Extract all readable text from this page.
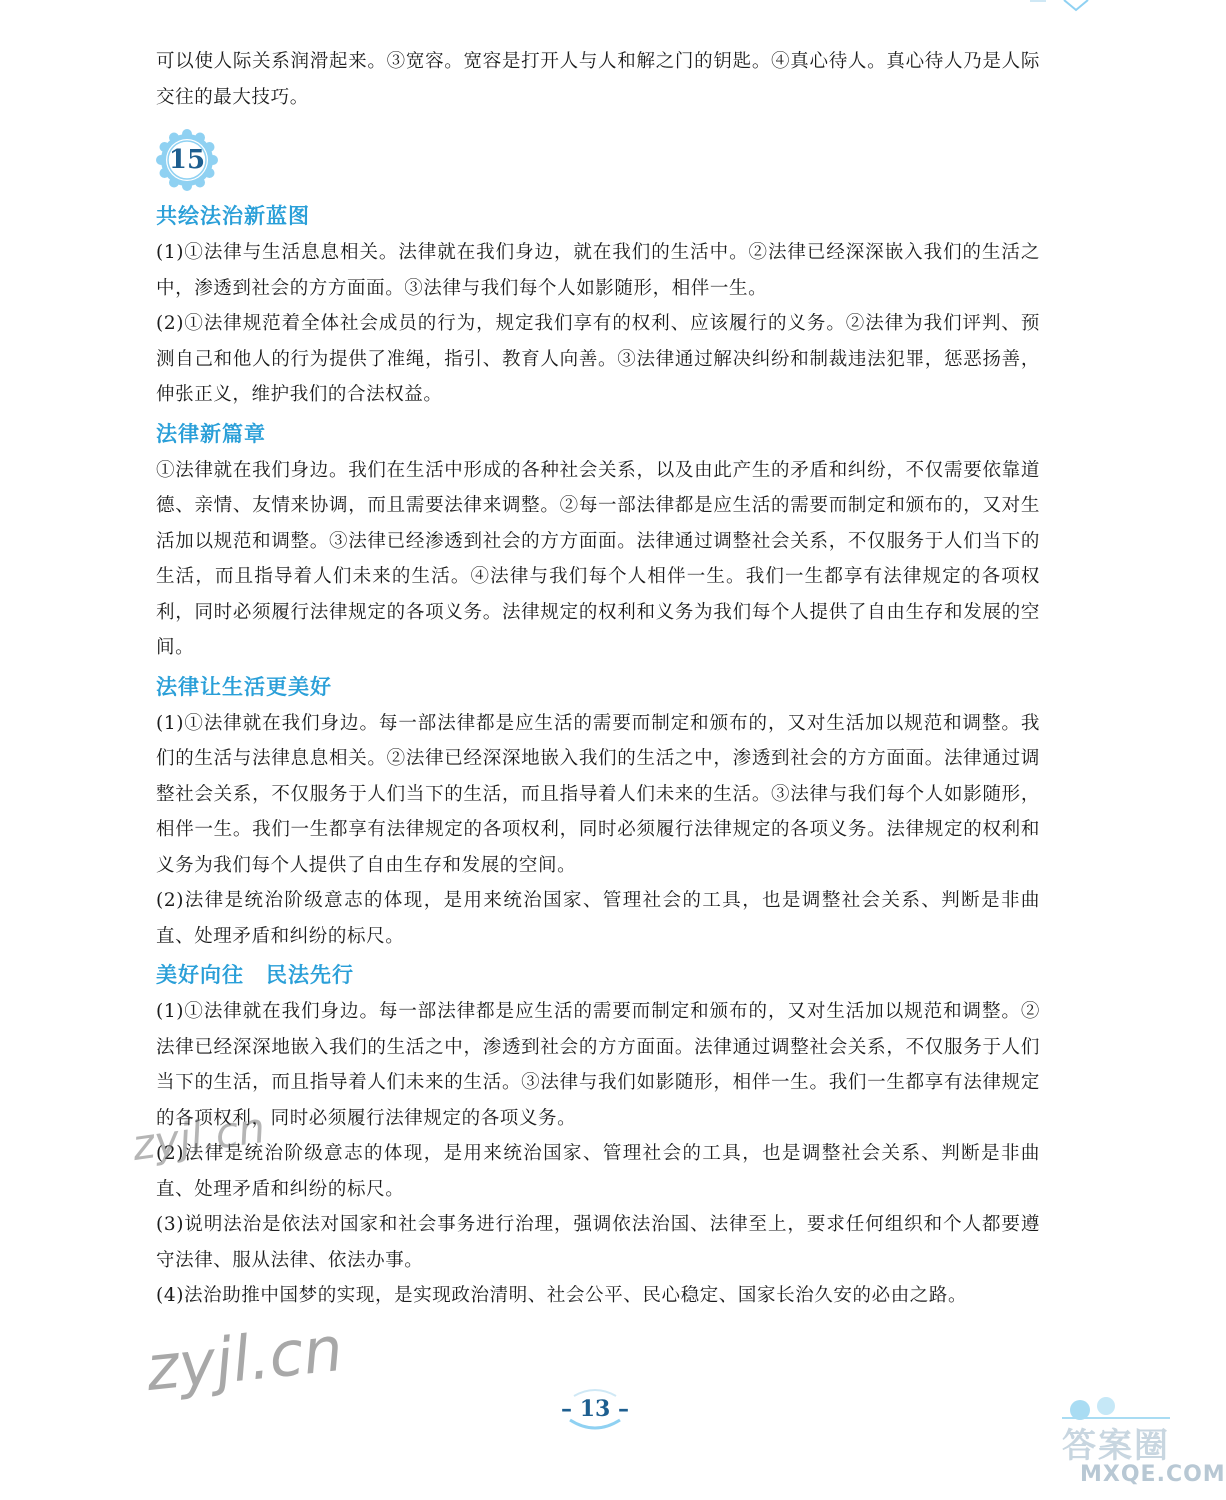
可以使人际关系润滑起来。③宽容。宽容是打开人与人和解之门的钥匙。④真心待人。真心待人乃是人际交往的最大技巧。

15
共绘法治新蓝图

(1)①法律与生活息息相关。法律就在我们身边，就在我们的生活中。②法律已经深深嵌入我们的生活之中，渗透到社会的方方面面。③法律与我们每个人如影随形，相伴一生。

(2)①法律规范着全体社会成员的行为，规定我们享有的权利、应该履行的义务。②法律为我们评判、预测自己和他人的行为提供了准绳，指引、教育人向善。③法律通过解决纠纷和制裁违法犯罪，惩恶扬善，伸张正义，维护我们的合法权益。

法律新篇章

①法律就在我们身边。我们在生活中形成的各种社会关系，以及由此产生的矛盾和纠纷，不仅需要依靠道德、亲情、友情来协调，而且需要法律来调整。②每一部法律都是应生活的需要而制定和颁布的，又对生活加以规范和调整。③法律已经渗透到社会的方方面面。法律通过调整社会关系，不仅服务于人们当下的生活，而且指导着人们未来的生活。④法律与我们每个人相伴一生。我们一生都享有法律规定的各项权利，同时必须履行法律规定的各项义务。法律规定的权利和义务为我们每个人提供了自由生存和发展的空间。

法律让生活更美好

(1)①法律就在我们身边。每一部法律都是应生活的需要而制定和颁布的，又对生活加以规范和调整。我们的生活与法律息息相关。②法律已经深深地嵌入我们的生活之中，渗透到社会的方方面面。法律通过调整社会关系，不仅服务于人们当下的生活，而且指导着人们未来的生活。③法律与我们每个人如影随形，相伴一生。我们一生都享有法律规定的各项权利，同时必须履行法律规定的各项义务。法律规定的权利和义务为我们每个人提供了自由生存和发展的空间。

(2)法律是统治阶级意志的体现，是用来统治国家、管理社会的工具，也是调整社会关系、判断是非曲直、处理矛盾和纠纷的标尺。

美好向往　民法先行

(1)①法律就在我们身边。每一部法律都是应生活的需要而制定和颁布的，又对生活加以规范和调整。②法律已经深深地嵌入我们的生活之中，渗透到社会的方方面面。法律通过调整社会关系，不仅服务于人们当下的生活，而且指导着人们未来的生活。③法律与我们如影随形，相伴一生。我们一生都享有法律规定的各项权利，同时必须履行法律规定的各项义务。

(2)法律是统治阶级意志的体现，是用来统治国家、管理社会的工具，也是调整社会关系、判断是非曲直、处理矛盾和纠纷的标尺。

(3)说明法治是依法对国家和社会事务进行治理，强调依法治国、法律至上，要求任何组织和个人都要遵守法律、服从法律、依法办事。

(4)法治助推中国梦的实现，是实现政治清明、社会公平、民心稳定、国家长治久安的必由之路。

zyjl.cn
zyjl.cn
– 13 –
答案圈
MXQE.COM
